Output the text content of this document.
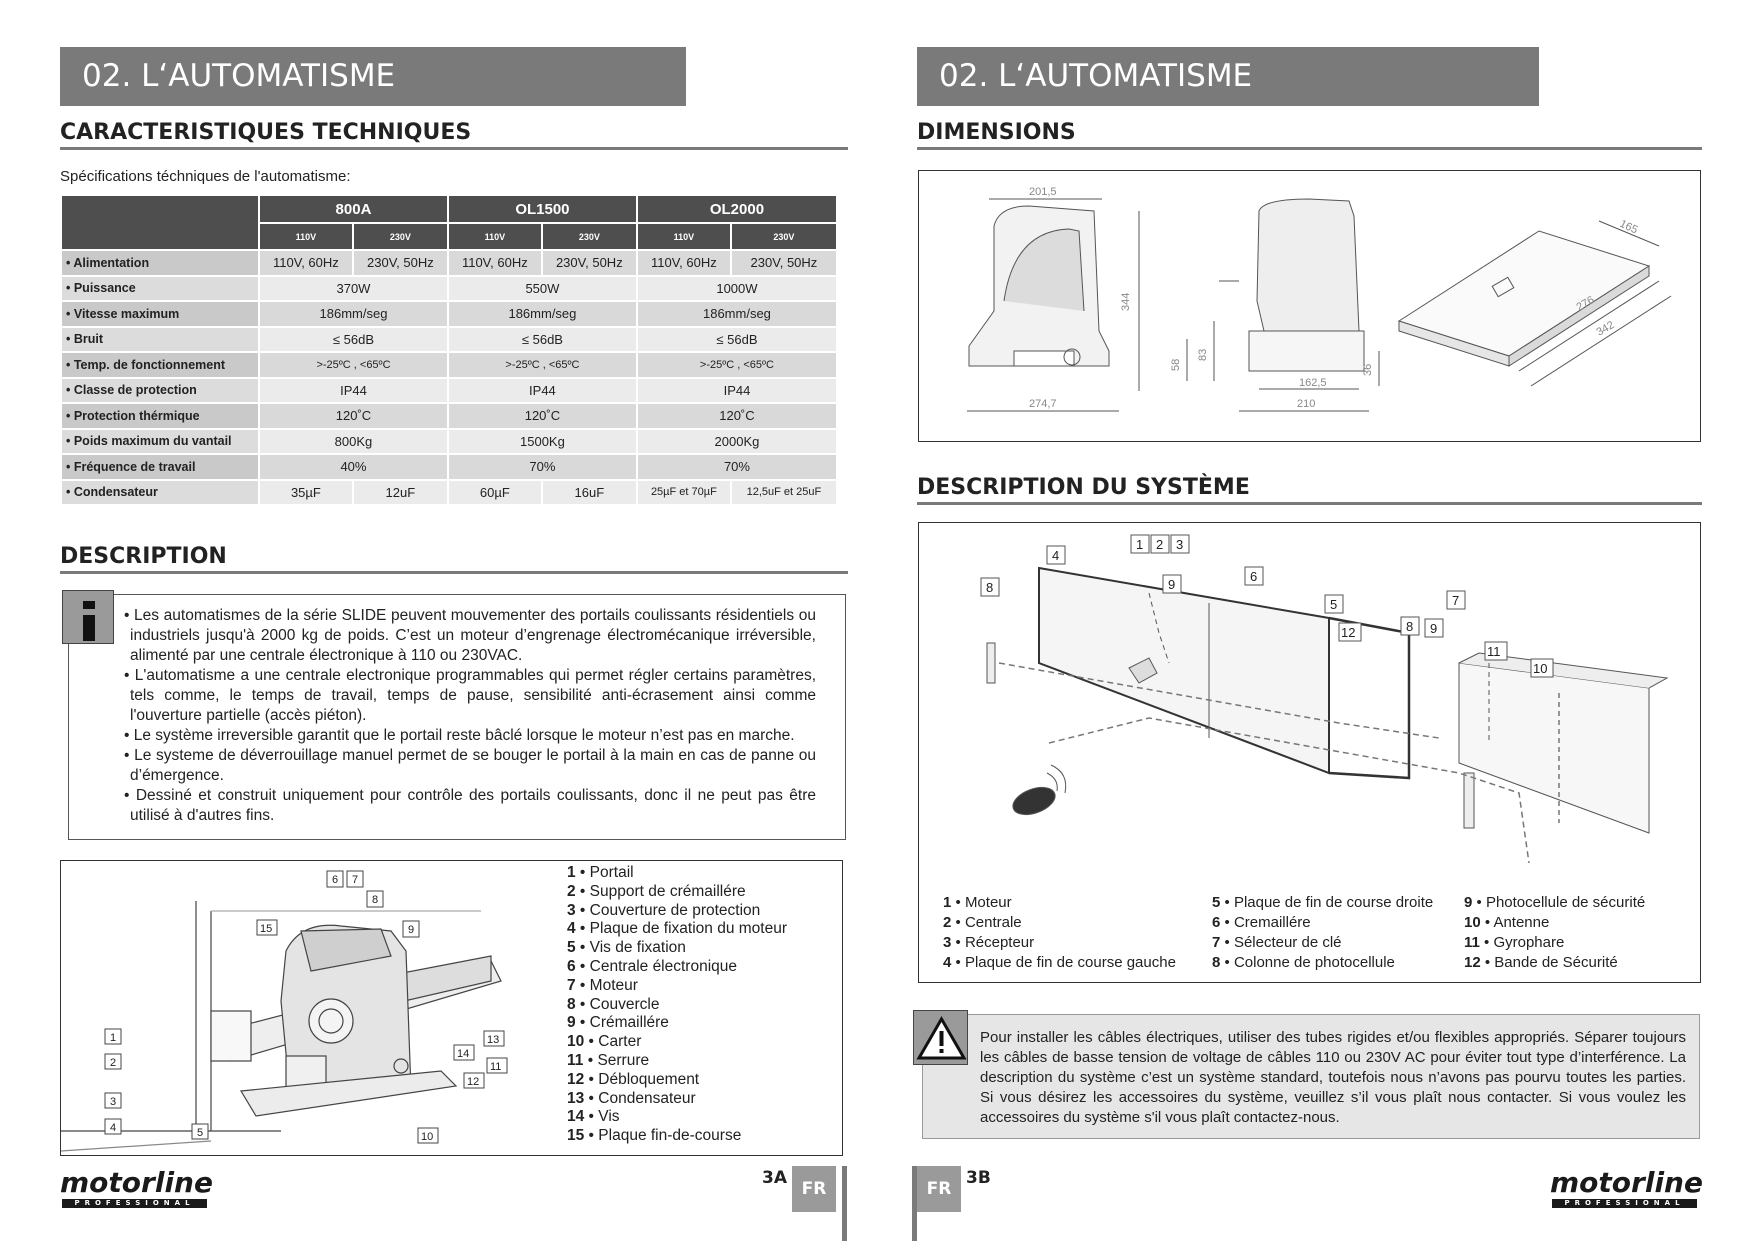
02. L‘AUTOMATISME
CARACTERISTIQUES TECHNIQUES
Spécifications téchniques de l'automatisme:
	800A		OL1500		OL2000	
	110V	230V	110V	230V	110V	230V
• Alimentation	110V, 60Hz	230V, 50Hz	110V, 60Hz	230V, 50Hz	110V, 60Hz	230V, 50Hz
• Puissance	370W		550W		1000W	
• Vitesse maximum	186mm/seg		186mm/seg		186mm/seg	
• Bruit	≤ 56dB		≤ 56dB		≤ 56dB	
• Temp. de fonctionnement	>-25ºC , <65ºC		>-25ºC , <65ºC		>-25ºC , <65ºC	
• Classe de protection	IP44		IP44		IP44	
• Protection thérmique	120˚C		120˚C		120˚C	
• Poids maximum du vantail	800Kg		1500Kg		2000Kg	
• Fréquence de travail	40%		70%		70%	
• Condensateur	35µF	12uF	60µF	16uF	25µF et 70µF	12,5uF et 25uF
DESCRIPTION

• Les automatismes de la série SLIDE peuvent mouvementer des portails coulissants résidentiels ou industriels jusqu'à 2000 kg de poids. C’est un moteur d’engrenage électromécanique irréversible, alimenté par une centrale électronique à 110 ou 230VAC.

• L'automatisme a une centrale electronique programmables qui permet régler certains paramètres, tels comme, le temps de travail, temps de pause, sensibilité anti-écrasement ainsi comme l'ouverture partielle (accès piéton).

• Le système irreversible garantit que le portail reste bâclé lorsque le moteur n’est pas en marche.

• Le systeme de déverrouillage manuel permet de se bouger le portail à la main en cas de panne ou d’émergence.

• Dessiné et construit uniquement pour contrôle des portails coulissants, donc il ne peut pas être utilisé à d'autres fins.

1
2
3
4	5
6 7
8
9
10
11
12
13
14
15
1 • Portail
2 • Support de crémaillére
3 • Couverture de protection
4 • Plaque de fixation du moteur
5 • Vis de fixation
6 • Centrale électronique
7 • Moteur
8 • Couvercle
9 • Crémaillére
10 • Carter
11 • Serrure
12 • Débloquement
13 • Condensateur
14 • Vis
15 • Plaque fin-de-course
motorline
PROFESSIONAL
3A
FR
02. L‘AUTOMATISME
DIMENSIONS
201,5
344
274,7
58
83
162,5
210
165
276
342
36
DESCRIPTION DU SYSTÈME
1 2 3
4
5
6
7
8
8
9
9
10
11
12
1 • Moteur
2 • Centrale
3 • Récepteur
4 • Plaque de fin de course gauche
5 • Plaque de fin de course droite
6 • Cremaillére
7 • Sélecteur de clé
8 • Colonne de photocellule
9 • Photocellule de sécurité
10 • Antenne
11 • Gyrophare
12 • Bande de Sécurité
Pour installer les câbles électriques, utiliser des tubes rigides et/ou flexibles appropriés. Séparer toujours les câbles de basse tension de voltage de câbles 110 ou 230V AC pour éviter tout type d’interférence. La description du système c’est un système standard, toutefois nous n’avons pas pourvu toutes les parties. Si vous désirez les accessoires du système, veuillez s’il vous plaît nous contacter. Si vous voulez les accessoires du système s'il vous plaît contactez-nous.
FR
3B	motorline
PROFESSIONAL
